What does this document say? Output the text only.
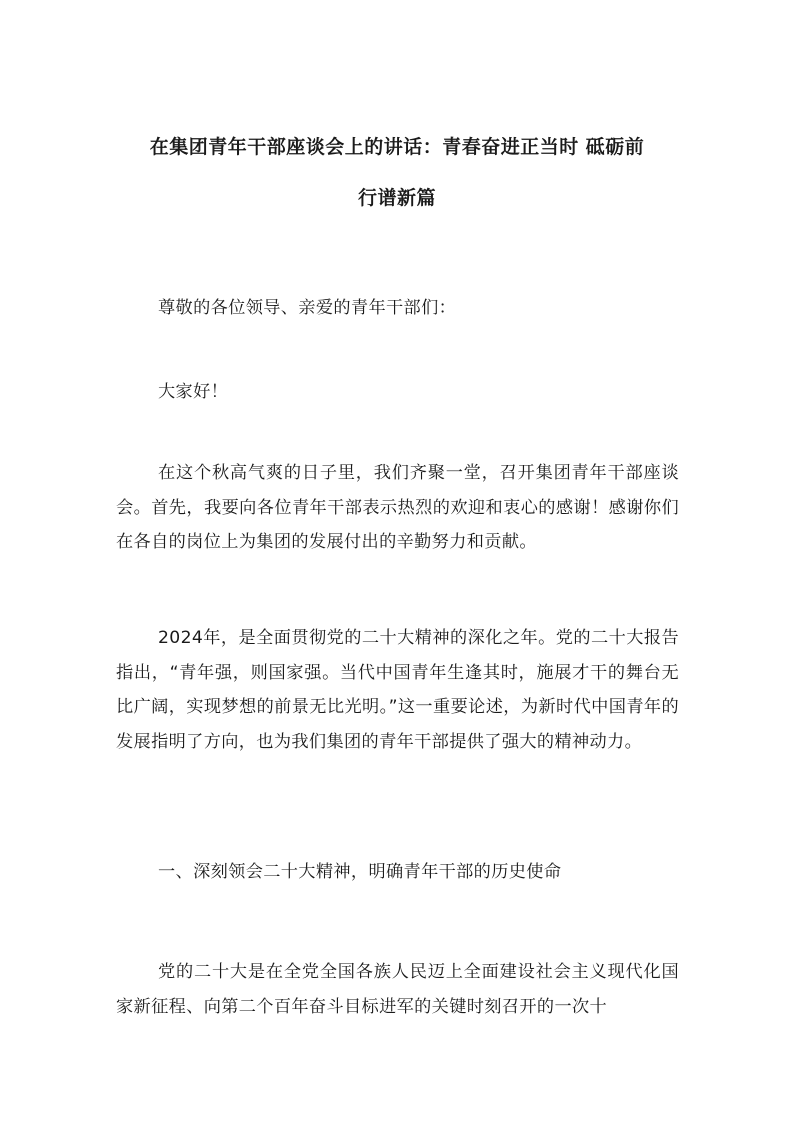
在集团青年干部座谈会上的讲话：青春奋进正当时 砥砺前
行谱新篇

尊敬的各位领导、亲爱的青年干部们：

大家好！

在这个秋高气爽的日子里，我们齐聚一堂，召开集团青年干部座谈会。首先，我要向各位青年干部表示热烈的欢迎和衷心的感谢！感谢你们在各自的岗位上为集团的发展付出的辛勤努力和贡献。

2024年，是全面贯彻党的二十大精神的深化之年。党的二十大报告指出，“青年强，则国家强。当代中国青年生逢其时，施展才干的舞台无比广阔，实现梦想的前景无比光明。”这一重要论述，为新时代中国青年的发展指明了方向，也为我们集团的青年干部提供了强大的精神动力。

一、深刻领会二十大精神，明确青年干部的历史使命

党的二十大是在全党全国各族人民迈上全面建设社会主义现代化国家新征程、向第二个百年奋斗目标进军的关键时刻召开的一次十
